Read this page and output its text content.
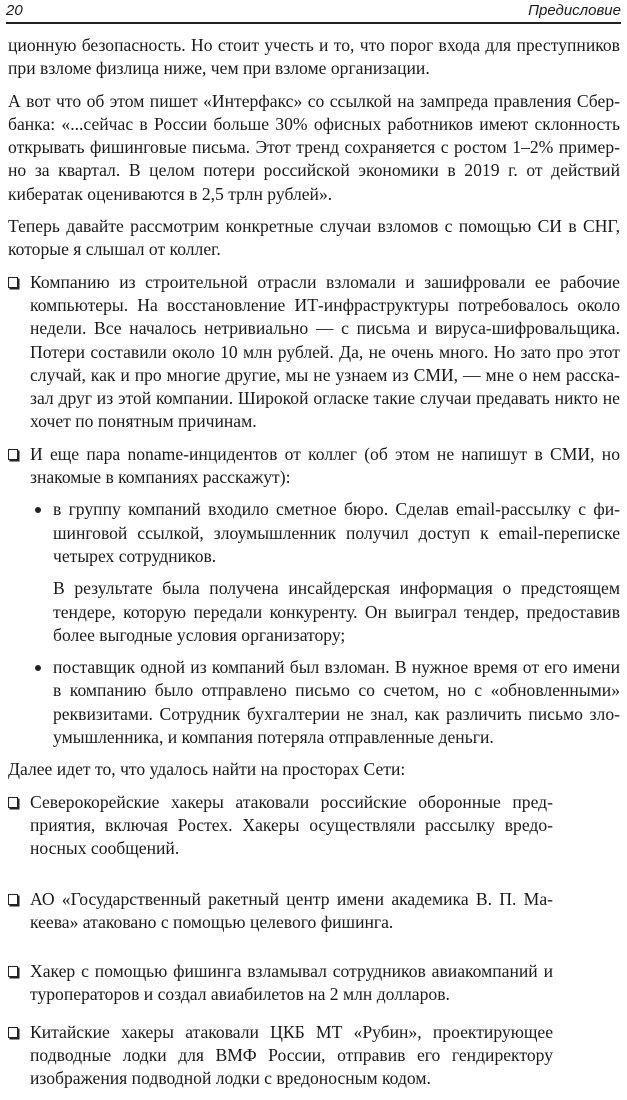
20	Предисловие

ционную безопасность. Но стоит учесть и то, что порог входа для преступников при взломе физлица ниже, чем при взломе организации.

А вот что об этом пишет «Интерфакс» со ссылкой на зампреда правления Сбербанка: «...сейчас в России больше 30% офисных работников имеют склонность открывать фишинговые письма. Этот тренд сохраняется с ростом 1–2% примерно за квартал. В целом потери российской экономики в 2019 г. от действий кибератак оцениваются в 2,5 трлн рублей».

Теперь давайте рассмотрим конкретные случаи взломов с помощью СИ в СНГ, которые я слышал от коллег.

Компанию из строительной отрасли взломали и зашифровали ее рабочие компьютеры. На восстановление ИТ-инфраструктуры потребовалось около недели. Все началось нетривиально — с письма и вируса-шифровальщика. Потери составили около 10 млн рублей. Да, не очень много. Но зато про этот случай, как и про многие другие, мы не узнаем из СМИ, — мне о нем рассказал друг из этой компании. Широкой огласке такие случаи предавать никто не хочет по понятным причинам.
И еще пара noname-инцидентов от коллег (об этом не напишут в СМИ, но знакомые в компаниях расскажут):
в группу компаний входило сметное бюро. Сделав email-рассылку с фишинговой ссылкой, злоумышленник получил доступ к email-переписке четырех сотрудников.
В результате была получена инсайдерская информация о предстоящем тендере, которую передали конкуренту. Он выиграл тендер, предоставив более выгодные условия организатору;
поставщик одной из компаний был взломан. В нужное время от его имени в компанию было отправлено письмо со счетом, но с «обновленными» реквизитами. Сотрудник бухгалтерии не знал, как различить письмо злоумышленника, и компания потеряла отправленные деньги.

Далее идет то, что удалось найти на просторах Сети:

Северокорейские хакеры атаковали российские оборонные предприятия, включая Ростех. Хакеры осуществляли рассылку вредоносных сообщений.
АО «Государственный ракетный центр имени академика В. П. Макеева» атаковано с помощью целевого фишинга.
Хакер с помощью фишинга взламывал сотрудников авиакомпаний и туроператоров и создал авиабилетов на 2 млн долларов.
Китайские хакеры атаковали ЦКБ МТ «Рубин», проектирующее подводные лодки для ВМФ России, отправив его гендиректору изображения подводной лодки с вредоносным кодом.
